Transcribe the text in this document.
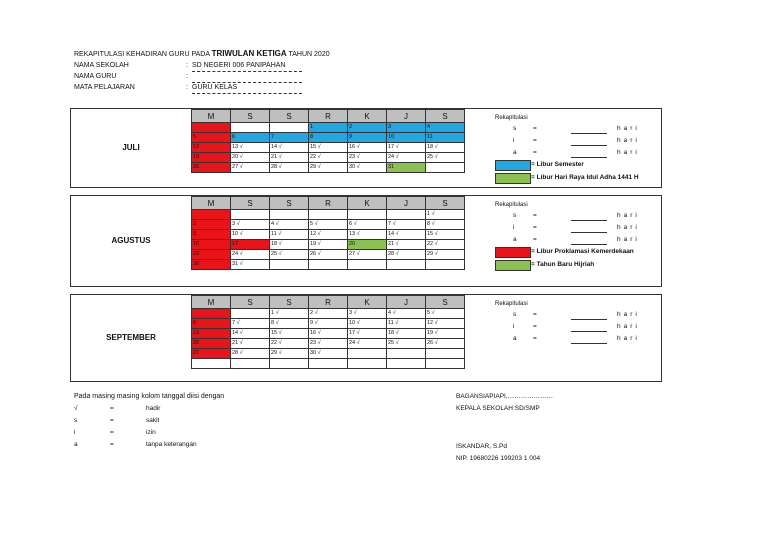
REKAPITULASI KEHADIRAN GURU PADA TRIWULAN KETIGA TAHUN 2020
NAMA SEKOLAH	: SD NEGERI 006 PANIPAHAN
NAMA GURU	:
MATA PELAJARAN	: GURU KELAS
JULI
M	S	S	R	K	J	S
			1	2	3	4
5	6	7	8	9	10	11
12	13 √	14 √	15 √	16 √	17 √	18 √
19	20 √	21 √	22 √	23 √	24 √	25 √
26	27 √	28 √	29 √	30 √	31	
Rekapitulasi
s	=	hari
i	=	hari
a	=	hari
= Libur Semester
= Libur Hari Raya Idul Adha 1441 H
AGUSTUS
M	S	S	R	K	J	S
						1 √
2	3 √	4 √	5 √	6 √	7 √	8 √
9	10 √	11 √	12 √	13 √	14 √	15 √
16	17	18 √	19 √	20	21 √	22 √
23	24 √	25 √	26 √	27 √	28 √	29 √
30	31 √					
Rekapitulasi
s	=	hari
i	=	hari
a	=	hari
= Libur Proklamasi Kemerdekaan
= Tahun Baru Hijriah
SEPTEMBER
M	S	S	R	K	J	S
		1 √	2 √	3 √	4 √	5 √
6	7 √	8 √	9 √	10 √	11 √	12 √
13	14 √	15 √	16 √	17 √	18 √	19 √
20	21 √	22 √	23 √	24 √	25 √	26 √
27	28 √	29 √	30 √			

Rekapitulasi
s	=	hari
i	=	hari
a	=	hari
Pada masing masing kolom tanggal diisi dengan
√	=	hadir
s	=	sakit
i	=	izin
a	=	tanpa keterangan
BAGANSIAPIAPI,…………………
KEPALA SEKOLAH SD/SMP
ISKANDAR, S.Pd
NIP. 19680226 199203 1 004
